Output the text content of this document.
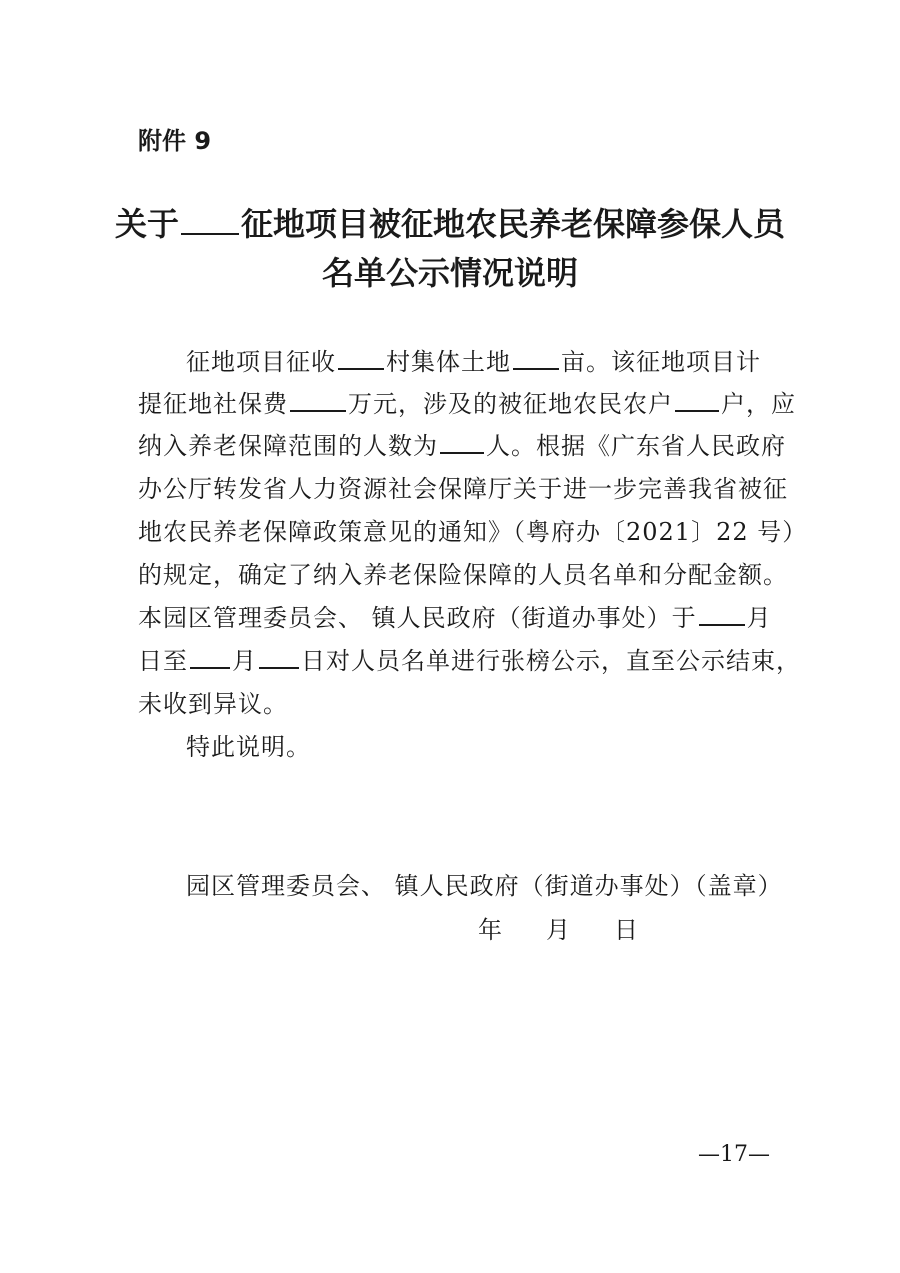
附件 9
关于 征地项目被征地农民养老保障参保人员
名单公示情况说明
征地项目征收 村集体土地 亩。该征地项目计
提征地社保费	万元，涉及的被征地农民农户 户，应
纳入养老保障范围的人数为 人。根据《广东省人民政府
办公厅转发省人力资源社会保障厅关于进一步完善我省被征
地农民养老保障政策意见的通知》（粤府办〔2021〕22 号）
的规定，确定了纳入养老保险保障的人员名单和分配金额。
本园区管理委员会、 镇人民政府（街道办事处）于 月
日至 月 日对人员名单进行张榜公示，直至公示结束，
未收到异议。
特此说明。
园区管理委员会、 镇人民政府（街道办事处）（盖章）
年 月 日
—17—
